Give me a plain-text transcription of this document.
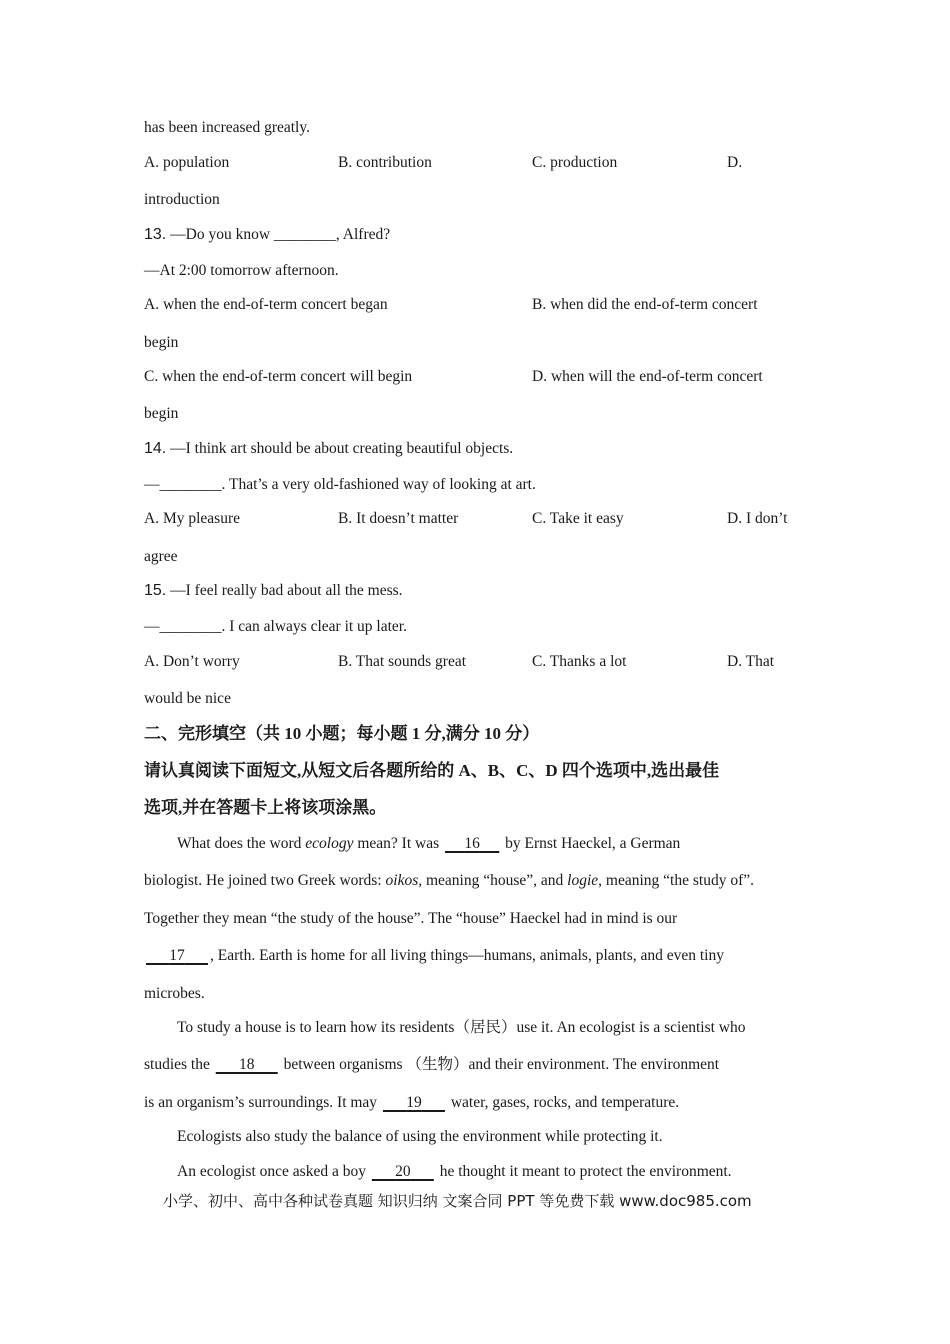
has been increased greatly.
A. population	B. contribution	C. production	D.
introduction
13. —Do you know ________, Alfred?
—At 2:00 tomorrow afternoon.
A. when the end-of-term concert began	B. when did the end-of-term concert
begin
C. when the end-of-term concert will begin	D. when will the end-of-term concert
begin
14. —I think art should be about creating beautiful objects.
—________. That’s a very old-fashioned way of looking at art.
A. My pleasure	B. It doesn’t matter	C. Take it easy	D. I don’t
agree
15. —I feel really bad about all the mess.
—________. I can always clear it up later.
A. Don’t worry	B. That sounds great	C. Thanks a lot	D. That
would be nice
二、完形填空（共 10 小题；每小题 1 分,满分 10 分）
请认真阅读下面短文,从短文后各题所给的 A、B、C、D 四个选项中,选出最佳
选项,并在答题卡上将该项涂黑。
What does the word ecology mean? It was      16      by Ernst Haeckel, a German
biologist. He joined two Greek words: oikos, meaning “house”, and logie, meaning “the study of”.
Together they mean “the study of the house”. The “house” Haeckel had in mind is our
17 , Earth. Earth is home for all living things—humans, animals, plants, and even tiny
microbes.
To study a house is to learn how its residents（居民）use it. An ecologist is a scientist who
studies the       18       between organisms （生物）and their environment. The environment
is an organism’s surroundings. It may       19       water, gases, rocks, and temperature.
Ecologists also study the balance of using the environment while protecting it.
An ecologist once asked a boy       20       he thought it meant to protect the environment.
小学、初中、高中各种试卷真题 知识归纳 文案合同 PPT 等免费下载 www.doc985.com
